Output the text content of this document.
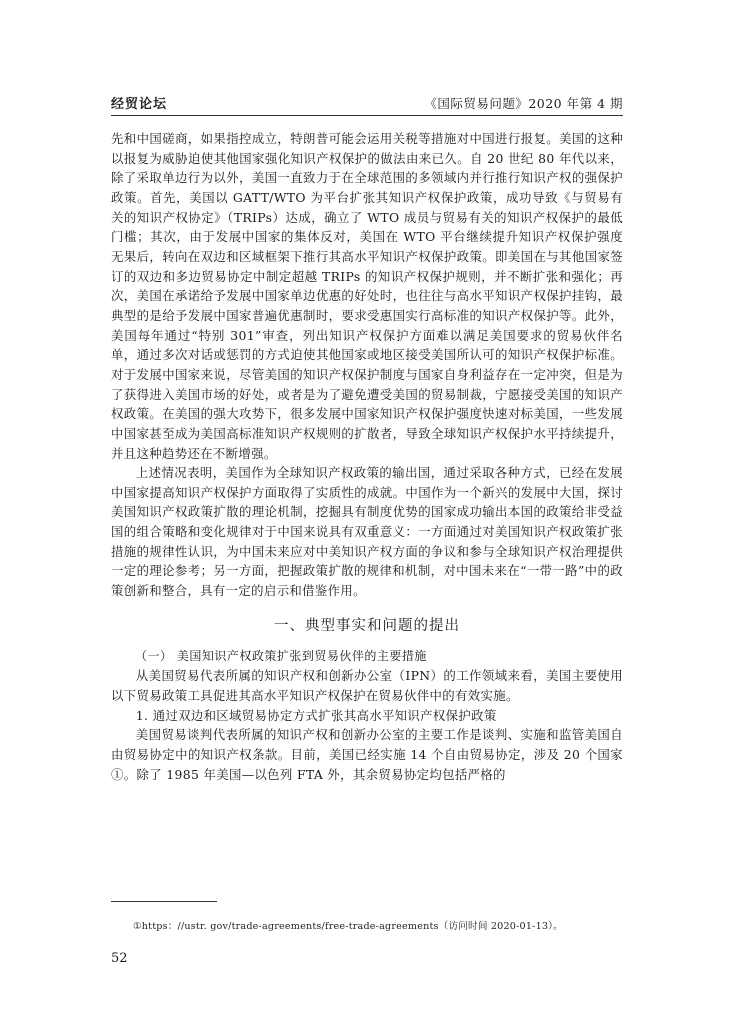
经贸论坛	《国际贸易问题》2020 年第 4 期

先和中国磋商，如果指控成立，特朗普可能会运用关税等措施对中国进行报复。美国的这种以报复为威胁迫使其他国家强化知识产权保护的做法由来已久。自 20 世纪 80 年代以来，除了采取单边行为以外，美国一直致力于在全球范围的多领域内并行推行知识产权的强保护政策。首先，美国以 GATT/WTO 为平台扩张其知识产权保护政策，成功导致《与贸易有关的知识产权协定》（TRIPs）达成，确立了 WTO 成员与贸易有关的知识产权保护的最低门槛；其次，由于发展中国家的集体反对，美国在 WTO 平台继续提升知识产权保护强度无果后，转向在双边和区域框架下推行其高水平知识产权保护政策。即美国在与其他国家签订的双边和多边贸易协定中制定超越 TRIPs 的知识产权保护规则，并不断扩张和强化；再次，美国在承诺给予发展中国家单边优惠的好处时，也往往与高水平知识产权保护挂钩，最典型的是给予发展中国家普遍优惠制时，要求受惠国实行高标准的知识产权保护等。此外，美国每年通过“特别 301”审查，列出知识产权保护方面难以满足美国要求的贸易伙伴名单，通过多次对话或惩罚的方式迫使其他国家或地区接受美国所认可的知识产权保护标准。对于发展中国家来说，尽管美国的知识产权保护制度与国家自身利益存在一定冲突，但是为了获得进入美国市场的好处，或者是为了避免遭受美国的贸易制裁，宁愿接受美国的知识产权政策。在美国的强大攻势下，很多发展中国家知识产权保护强度快速对标美国，一些发展中国家甚至成为美国高标准知识产权规则的扩散者，导致全球知识产权保护水平持续提升，并且这种趋势还在不断增强。

上述情况表明，美国作为全球知识产权政策的输出国，通过采取各种方式，已经在发展中国家提高知识产权保护方面取得了实质性的成就。中国作为一个新兴的发展中大国，探讨美国知识产权政策扩散的理论机制，挖掘具有制度优势的国家成功输出本国的政策给非受益国的组合策略和变化规律对于中国来说具有双重意义：一方面通过对美国知识产权政策扩张措施的规律性认识，为中国未来应对中美知识产权方面的争议和参与全球知识产权治理提供一定的理论参考；另一方面，把握政策扩散的规律和机制，对中国未来在“一带一路”中的政策创新和整合，具有一定的启示和借鉴作用。

一、典型事实和问题的提出
（一） 美国知识产权政策扩张到贸易伙伴的主要措施

从美国贸易代表所属的知识产权和创新办公室（IPN）的工作领域来看，美国主要使用以下贸易政策工具促进其高水平知识产权保护在贸易伙伴中的有效实施。

1. 通过双边和区域贸易协定方式扩张其高水平知识产权保护政策

美国贸易谈判代表所属的知识产权和创新办公室的主要工作是谈判、实施和监管美国自由贸易协定中的知识产权条款。目前，美国已经实施 14 个自由贸易协定，涉及 20 个国家①。除了 1985 年美国—以色列 FTA 外，其余贸易协定均包括严格的

①https：//ustr. gov/trade-agreements/free-trade-agreements（访问时间 2020-01-13）。
52
